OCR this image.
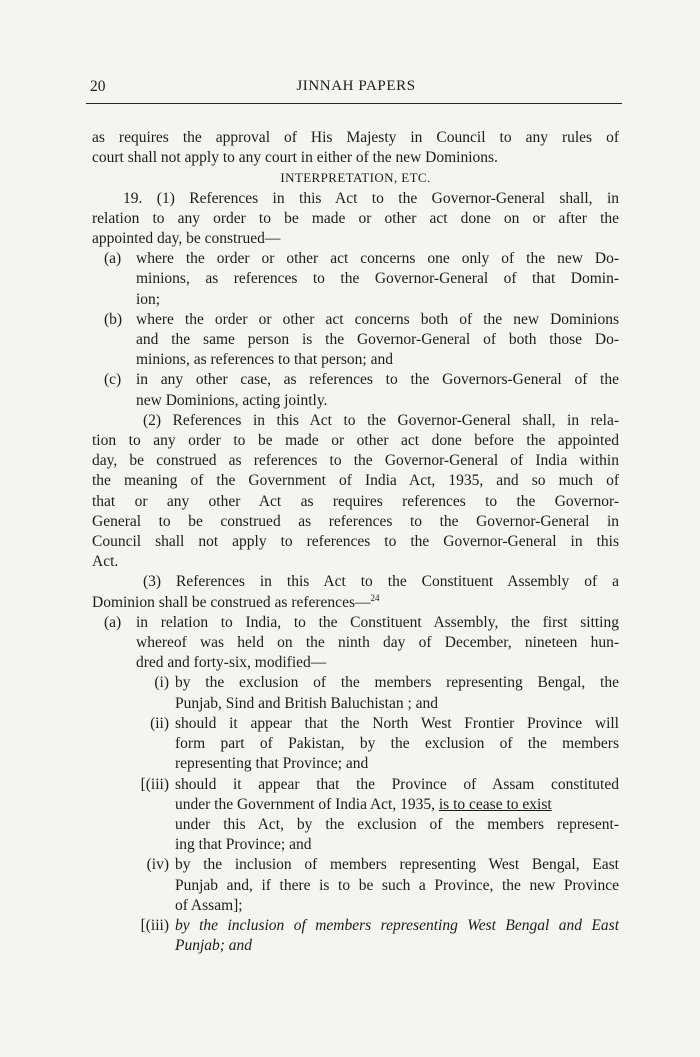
20	JINNAH PAPERS

as requires the approval of His Majesty in Council to any rules of

court shall not apply to any court in either of the new Dominions.

INTERPRETATION, ETC.

19. (1) References in this Act to the Governor-General shall, in

relation to any order to be made or other act done on or after the

appointed day, be construed—

(a) where the order or other act concerns one only of the new Do-

minions, as references to the Governor-General of that Domin-

ion;

(b) where the order or other act concerns both of the new Dominions

and the same person is the Governor-General of both those Do-

minions, as references to that person; and

(c) in any other case, as references to the Governors-General of the

new Dominions, acting jointly.

(2) References in this Act to the Governor-General shall, in rela-

tion to any order to be made or other act done before the appointed

day, be construed as references to the Governor-General of India within

the meaning of the Government of India Act, 1935, and so much of

that or any other Act as requires references to the Governor-

General to be construed as references to the Governor-General in

Council shall not apply to references to the Governor-General in this

Act.

(3) References in this Act to the Constituent Assembly of a

Dominion shall be construed as references—$^{24}$

(a) in relation to India, to the Constituent Assembly, the first sitting

whereof was held on the ninth day of December, nineteen hun-

dred and forty-six, modified—

(i) by the exclusion of the members representing Bengal, the

Punjab, Sind and British Baluchistan ; and

(ii) should it appear that the North West Frontier Province will

form part of Pakistan, by the exclusion of the members

representing that Province; and

[(iii) should it appear that the Province of Assam constituted

under the Government of India Act, 1935, is to cease to exist

under this Act, by the exclusion of the members represent-

ing that Province; and

(iv) by the inclusion of members representing West Bengal, East

Punjab and, if there is to be such a Province, the new Province

of Assam];

[(iii) by the inclusion of members representing West Bengal and East

Punjab; and
